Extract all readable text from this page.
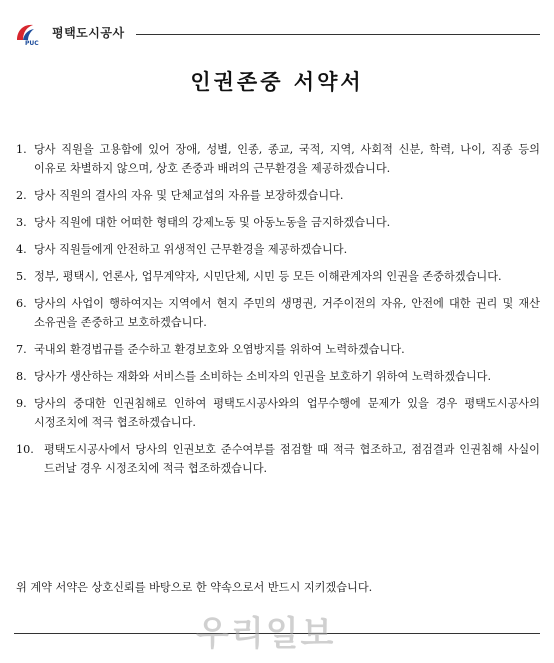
PUC
평택도시공사
인권존중 서약서
1. 당사 직원을 고용함에 있어 장애, 성별, 인종, 종교, 국적, 지역, 사회적 신분, 학력, 나이, 직종 등의 이유로 차별하지 않으며, 상호 존중과 배려의 근무환경을 제공하겠습니다.
2. 당사 직원의 결사의 자유 및 단체교섭의 자유를 보장하겠습니다.
3. 당사 직원에 대한 어떠한 형태의 강제노동 및 아동노동을 금지하겠습니다.
4. 당사 직원들에게 안전하고 위생적인 근무환경을 제공하겠습니다.
5. 정부, 평택시, 언론사, 업무계약자, 시민단체, 시민 등 모든 이해관계자의 인권을 존중하겠습니다.
6. 당사의 사업이 행하여지는 지역에서 현지 주민의 생명권, 거주이전의 자유, 안전에 대한 권리 및 재산 소유권을 존중하고 보호하겠습니다.
7. 국내외 환경법규를 준수하고 환경보호와 오염방지를 위하여 노력하겠습니다.
8. 당사가 생산하는 재화와 서비스를 소비하는 소비자의 인권을 보호하기 위하여 노력하겠습니다.
9. 당사의 중대한 인권침해로 인하여 평택도시공사와의 업무수행에 문제가 있을 경우 평택도시공사의 시정조치에 적극 협조하겠습니다.
10. 평택도시공사에서 당사의 인권보호 준수여부를 점검할 때 적극 협조하고, 점검결과 인권침해 사실이 드러날 경우 시정조치에 적극 협조하겠습니다.
위 계약 서약은 상호신뢰를 바탕으로 한 약속으로서 반드시 지키겠습니다.
우리일보
